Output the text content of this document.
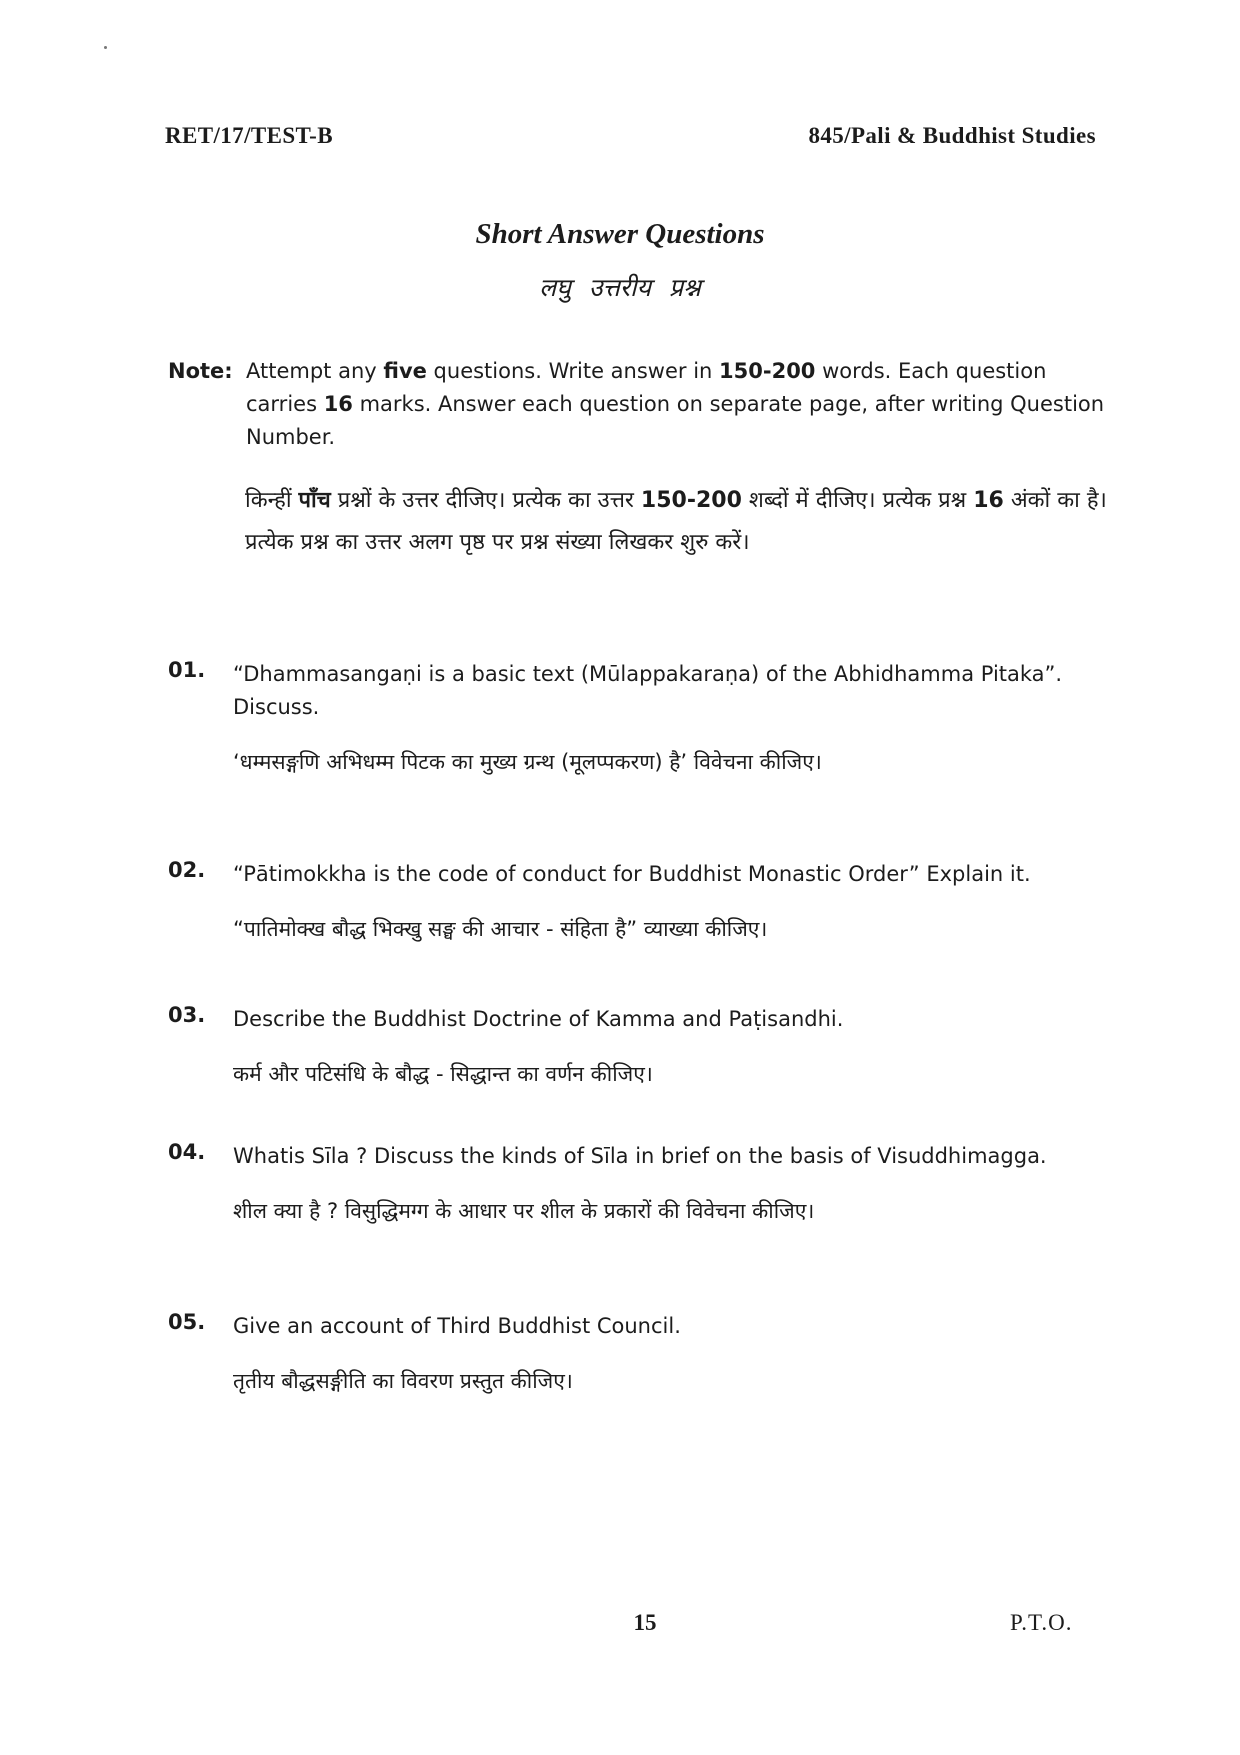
RET/17/TEST-B	845/Pali & Buddhist Studies
Short Answer Questions
लघु उत्तरीय प्रश्न
Note: Attempt any five questions. Write answer in 150-200 words. Each question carries 16 marks. Answer each question on separate page, after writing Question Number.
किन्हीं पाँच प्रश्नों के उत्तर दीजिए। प्रत्येक का उत्तर 150-200 शब्दों में दीजिए। प्रत्येक प्रश्न 16 अंकों का है। प्रत्येक प्रश्न का उत्तर अलग पृष्ठ पर प्रश्न संख्या लिखकर शुरु करें।
01. “Dhammasangaṇi is a basic text (Mūlappakaraṇa) of the Abhidhamma Pitaka”. Discuss.
‘धम्मसङ्गणि अभिधम्म पिटक का मुख्य ग्रन्थ (मूलप्पकरण) है’ विवेचना कीजिए।
02. “Pātimokkha is the code of conduct for Buddhist Monastic Order” Explain it.
“पातिमोक्ख बौद्ध भिक्खु सङ्घ की आचार - संहिता है” व्याख्या कीजिए।
03. Describe the Buddhist Doctrine of Kamma and Paṭisandhi.
कर्म और पटिसंधि के बौद्ध - सिद्धान्त का वर्णन कीजिए।
04. Whatis Sīla ? Discuss the kinds of Sīla in brief on the basis of Visuddhimagga.
शील क्या है ? विसुद्धिमग्ग के आधार पर शील के प्रकारों की विवेचना कीजिए।
05. Give an account of Third Buddhist Council.
तृतीय बौद्धसङ्गीति का विवरण प्रस्तुत कीजिए।
15	P.T.O.
